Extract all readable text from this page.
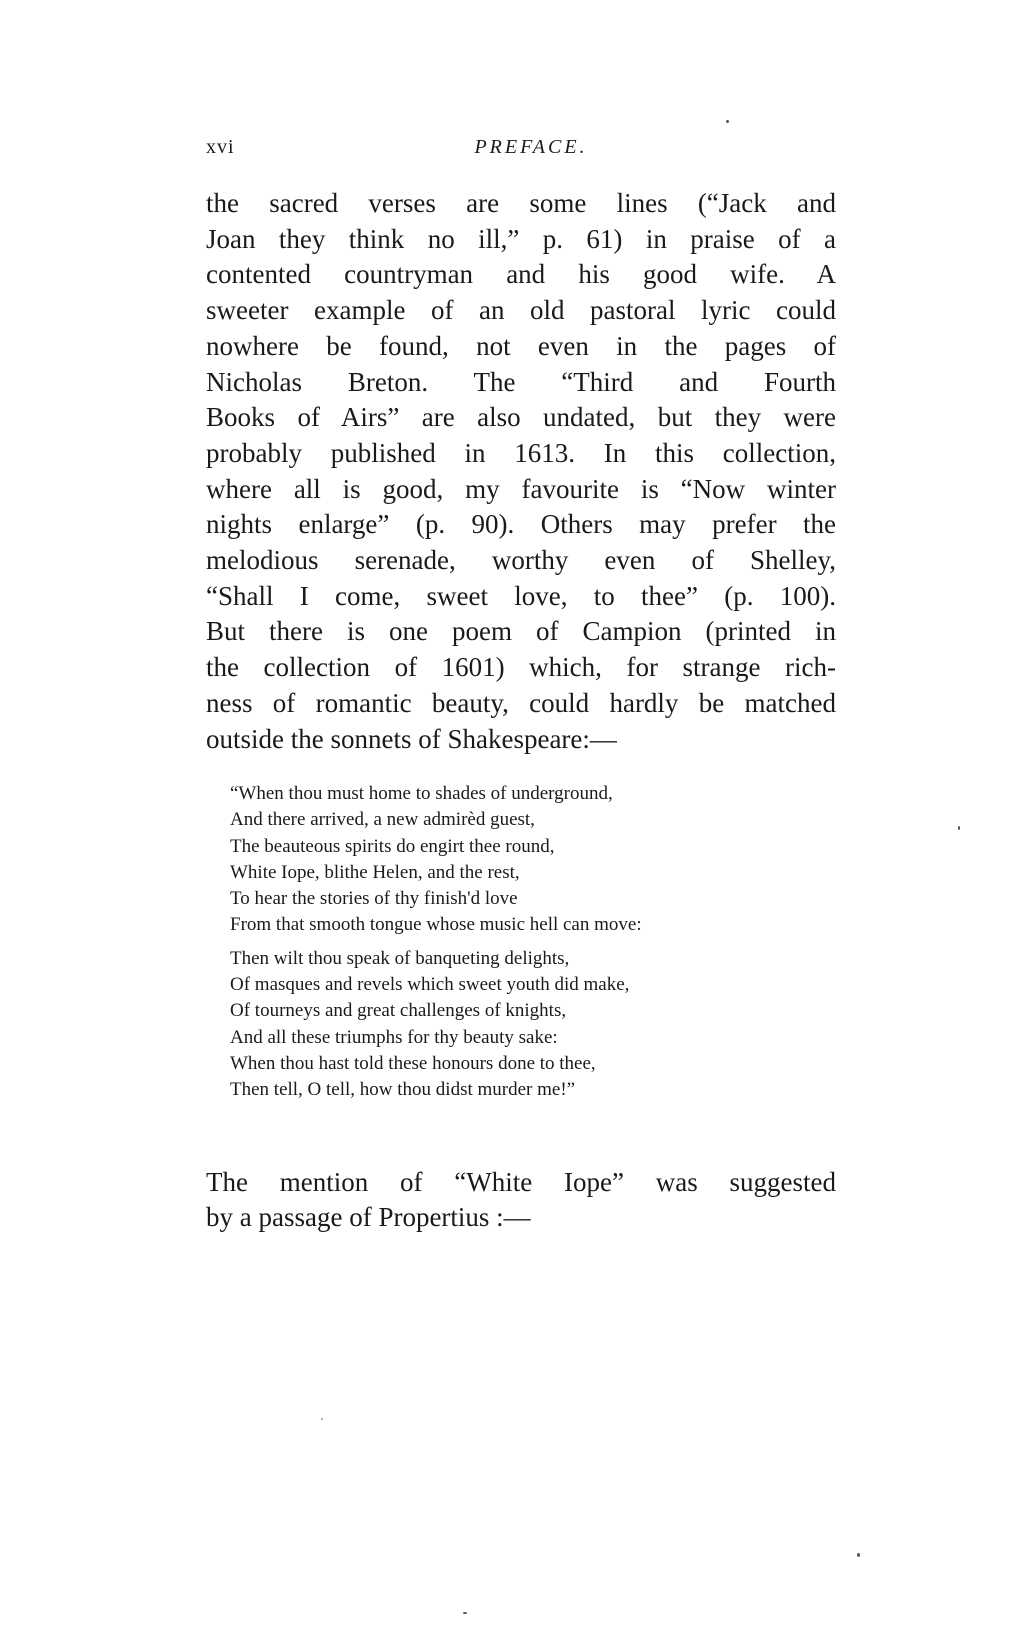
xvi	PREFACE.

the sacred verses are some lines (“Jack and

Joan they think no ill,” p. 61) in praise of a

contented countryman and his good wife. A

sweeter example of an old pastoral lyric could

nowhere be found, not even in the pages of

Nicholas Breton. The “Third and Fourth

Books of Airs” are also undated, but they were

probably published in 1613. In this collection,

where all is good, my favourite is “Now winter

nights enlarge” (p. 90). Others may prefer the

melodious serenade, worthy even of Shelley,

“Shall I come, sweet love, to thee” (p. 100).

But there is one poem of Campion (printed in

the collection of 1601) which, for strange rich-

ness of romantic beauty, could hardly be matched

outside the sonnets of Shakespeare:—

“When thou must home to shades of underground,
And there arrived, a new admirèd guest,
The beauteous spirits do engirt thee round,
White Iope, blithe Helen, and the rest,
To hear the stories of thy finish'd love
From that smooth tongue whose music hell can move:
Then wilt thou speak of banqueting delights,
Of masques and revels which sweet youth did make,
Of tourneys and great challenges of knights,
And all these triumphs for thy beauty sake:
When thou hast told these honours done to thee,
Then tell, O tell, how thou didst murder me!”
The mention of “White Iope” was suggested
by a passage of Propertius :—
